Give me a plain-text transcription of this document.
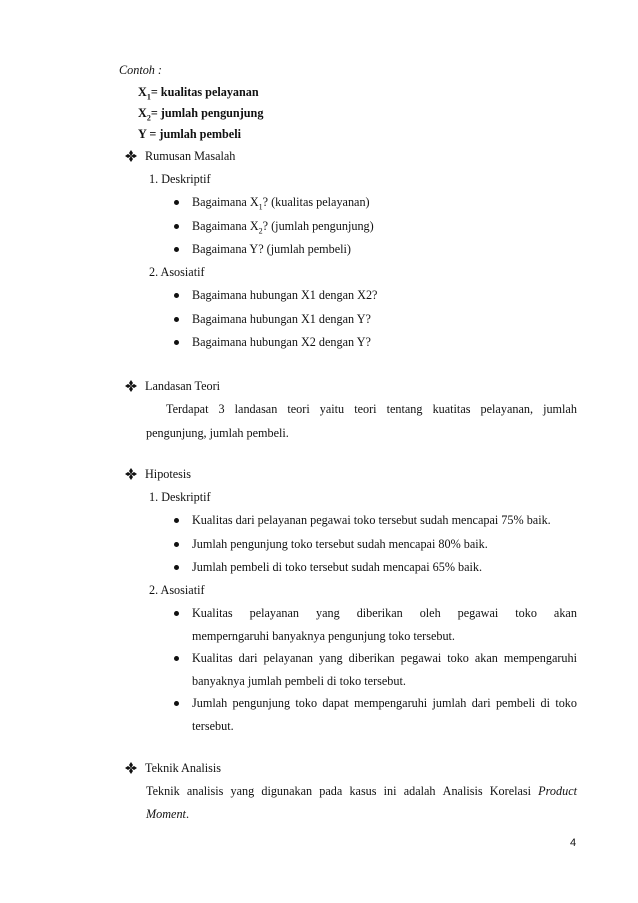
Contoh :
$X_1=$ kualitas pelayanan
$X_2=$ jumlah pengunjung
Y = jumlah pembeli
Rumusan Masalah
1. Deskriptif
Bagaimana $X_1$? (kualitas pelayanan)
Bagaimana $X_2$? (jumlah pengunjung)
Bagaimana Y? (jumlah pembeli)
2. Asosiatif
Bagaimana hubungan X1 dengan X2?
Bagaimana hubungan X1 dengan Y?
Bagaimana hubungan X2 dengan Y?
Landasan Teori
Terdapat 3 landasan teori yaitu teori tentang kuatitas pelayanan, jumlah
pengunjung, jumlah pembeli.
Hipotesis
1. Deskriptif
Kualitas dari pelayanan pegawai toko tersebut sudah mencapai 75% baik.
Jumlah pengunjung toko tersebut sudah mencapai 80% baik.
Jumlah pembeli di toko tersebut sudah mencapai 65% baik.
2. Asosiatif
Kualitas pelayanan yang diberikan oleh pegawai toko akan
memperngaruhi banyaknya pengunjung toko tersebut.
Kualitas dari pelayanan yang diberikan pegawai toko akan mempengaruhi
banyaknya jumlah pembeli di toko tersebut.
Jumlah pengunjung toko dapat mempengaruhi jumlah dari pembeli di toko
tersebut.
Teknik Analisis
Teknik analisis yang digunakan pada kasus ini adalah Analisis Korelasi Product
Moment.
4
